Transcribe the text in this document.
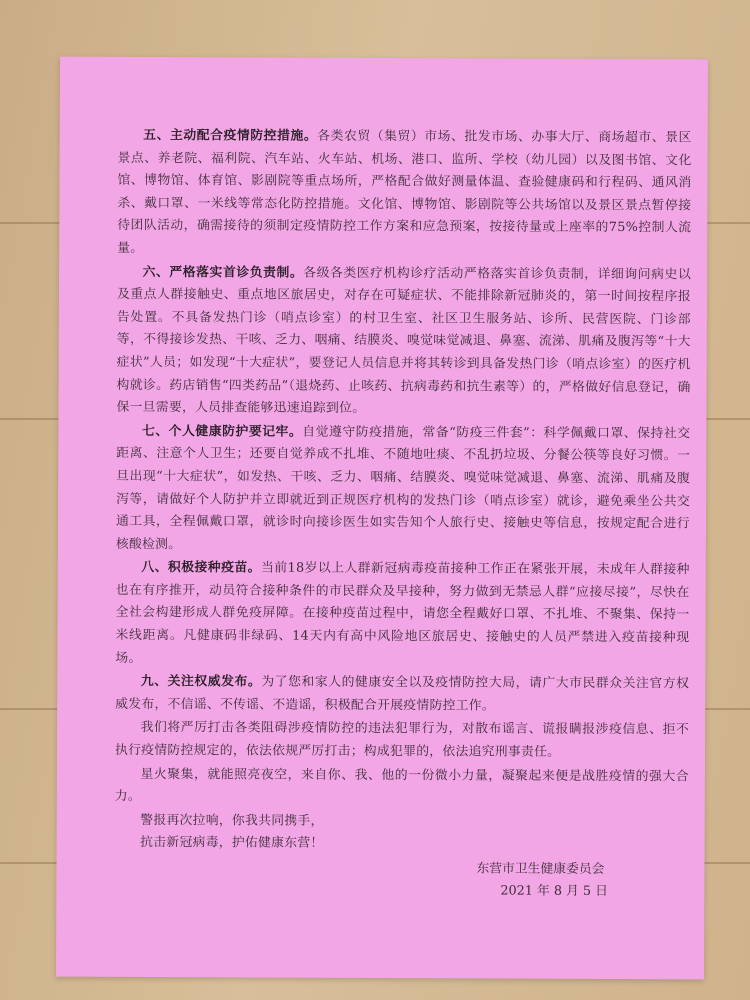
五、主动配合疫情防控措施。各类农贸（集贸）市场、批发市场、办事大厅、商场超市、景区景点、养老院、福利院、汽车站、火车站、机场、港口、监所、学校（幼儿园）以及图书馆、文化馆、博物馆、体育馆、影剧院等重点场所，严格配合做好测量体温、查验健康码和行程码、通风消杀、戴口罩、一米线等常态化防控措施。文化馆、博物馆、影剧院等公共场馆以及景区景点暂停接待团队活动，确需接待的须制定疫情防控工作方案和应急预案，按接待量或上座率的75%控制人流量。

六、严格落实首诊负责制。各级各类医疗机构诊疗活动严格落实首诊负责制，详细询问病史以及重点人群接触史、重点地区旅居史，对存在可疑症状、不能排除新冠肺炎的，第一时间按程序报告处置。不具备发热门诊（哨点诊室）的村卫生室、社区卫生服务站、诊所、民营医院、门诊部等，不得接诊发热、干咳、乏力、咽痛、结膜炎、嗅觉味觉减退、鼻塞、流涕、肌痛及腹泻等“十大症状”人员；如发现“十大症状”，要登记人员信息并将其转诊到具备发热门诊（哨点诊室）的医疗机构就诊。药店销售“四类药品”（退烧药、止咳药、抗病毒药和抗生素等）的，严格做好信息登记，确保一旦需要，人员排查能够迅速追踪到位。

七、个人健康防护要记牢。自觉遵守防疫措施，常备“防疫三件套”：科学佩戴口罩、保持社交距离、注意个人卫生；还要自觉养成不扎堆、不随地吐痰、不乱扔垃圾、分餐公筷等良好习惯。一旦出现“十大症状”，如发热、干咳、乏力、咽痛、结膜炎、嗅觉味觉减退、鼻塞、流涕、肌痛及腹泻等，请做好个人防护并立即就近到正规医疗机构的发热门诊（哨点诊室）就诊，避免乘坐公共交通工具，全程佩戴口罩，就诊时向接诊医生如实告知个人旅行史、接触史等信息，按规定配合进行核酸检测。

八、积极接种疫苗。当前18岁以上人群新冠病毒疫苗接种工作正在紧张开展，未成年人群接种也在有序推开，动员符合接种条件的市民群众及早接种，努力做到无禁忌人群“应接尽接”，尽快在全社会构建形成人群免疫屏障。在接种疫苗过程中，请您全程戴好口罩、不扎堆、不聚集、保持一米线距离。凡健康码非绿码、14天内有高中风险地区旅居史、接触史的人员严禁进入疫苗接种现场。

九、关注权威发布。为了您和家人的健康安全以及疫情防控大局，请广大市民群众关注官方权威发布，不信谣、不传谣、不造谣，积极配合开展疫情防控工作。

我们将严厉打击各类阻碍涉疫情防控的违法犯罪行为，对散布谣言、谎报瞒报涉疫信息、拒不执行疫情防控规定的，依法依规严厉打击；构成犯罪的，依法追究刑事责任。

星火聚集，就能照亮夜空，来自你、我、他的一份微小力量，凝聚起来便是战胜疫情的强大合力。

警报再次拉响，你我共同携手，

抗击新冠病毒，护佑健康东营！

东营市卫生健康委员会
2021 年 8 月 5 日
